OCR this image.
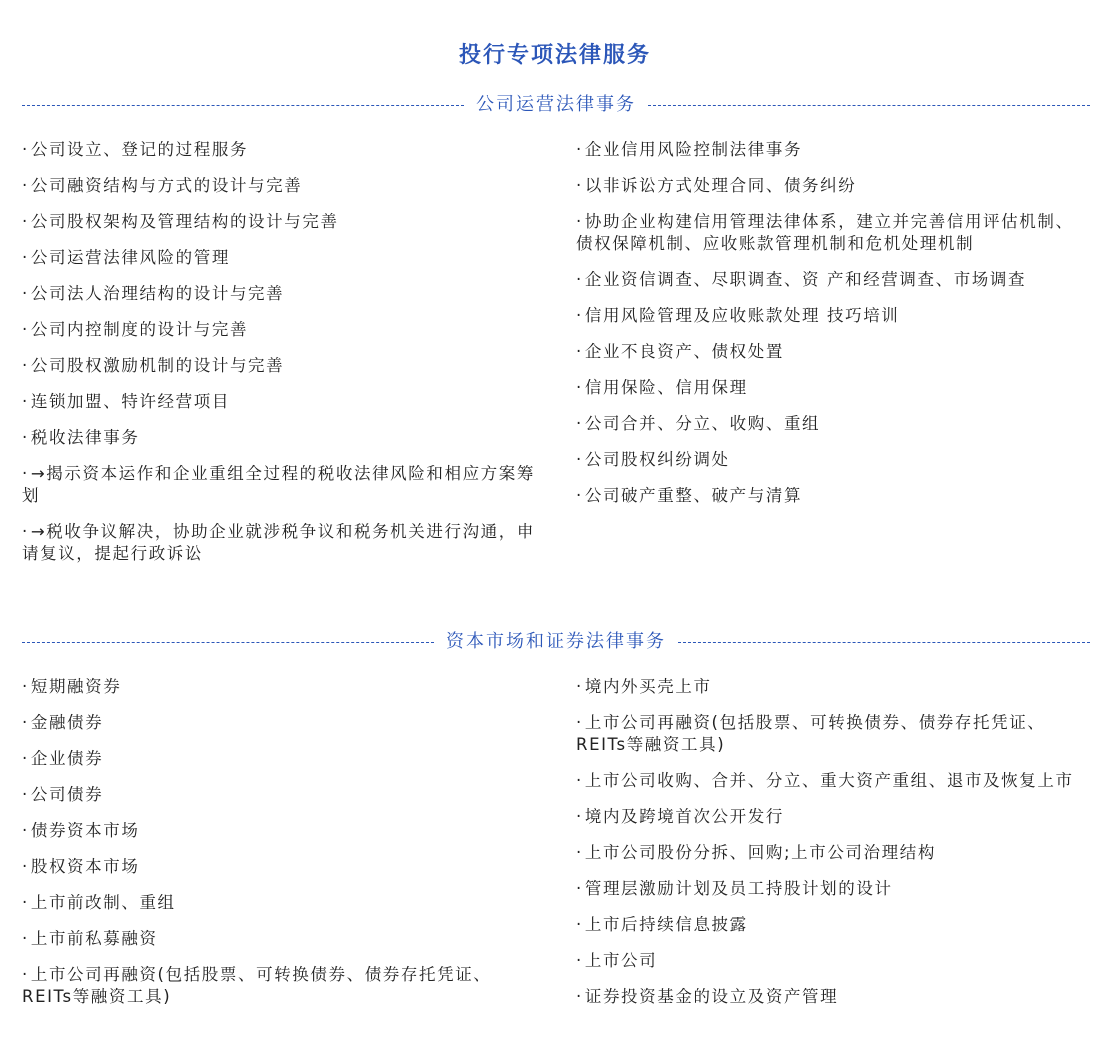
投行专项法律服务
公司运营法律事务
· 公司设立、登记的过程服务
· 公司融资结构与方式的设计与完善
· 公司股权架构及管理结构的设计与完善
· 公司运营法律风险的管理
· 公司法人治理结构的设计与完善
· 公司内控制度的设计与完善
· 公司股权激励机制的设计与完善
· 连锁加盟、特许经营项目
· 税收法律事务
· →揭示资本运作和企业重组全过程的税收法律风险和相应方案筹划
· →税收争议解决，协助企业就涉税争议和税务机关进行沟通，申请复议，提起行政诉讼
· 企业信用风险控制法律事务
· 以非诉讼方式处理合同、债务纠纷
· 协助企业构建信用管理法律体系，建立并完善信用评估机制、 债权保障机制、应收账款管理机制和危机处理机制
· 企业资信调查、尽职调查、资 产和经营调查、市场调查
· 信用风险管理及应收账款处理 技巧培训
· 企业不良资产、债权处置
· 信用保险、信用保理
· 公司合并、分立、收购、重组
· 公司股权纠纷调处
· 公司破产重整、破产与清算
资本市场和证券法律事务
· 短期融资券
· 金融债券
· 企业债券
· 公司债券
· 债券资本市场
· 股权资本市场
· 上市前改制、重组
· 上市前私募融资
· 上市公司再融资(包括股票、可转换债券、债券存托凭证、REITs等融资工具)
· 境内外买壳上市
· 上市公司再融资(包括股票、可转换债券、债券存托凭证、REITs等融资工具)
· 上市公司收购、合并、分立、重大资产重组、退市及恢复上市
· 境内及跨境首次公开发行
· 上市公司股份分拆、回购;上市公司治理结构
· 管理层激励计划及员工持股计划的设计
· 上市后持续信息披露
· 上市公司
· 证券投资基金的设立及资产管理
